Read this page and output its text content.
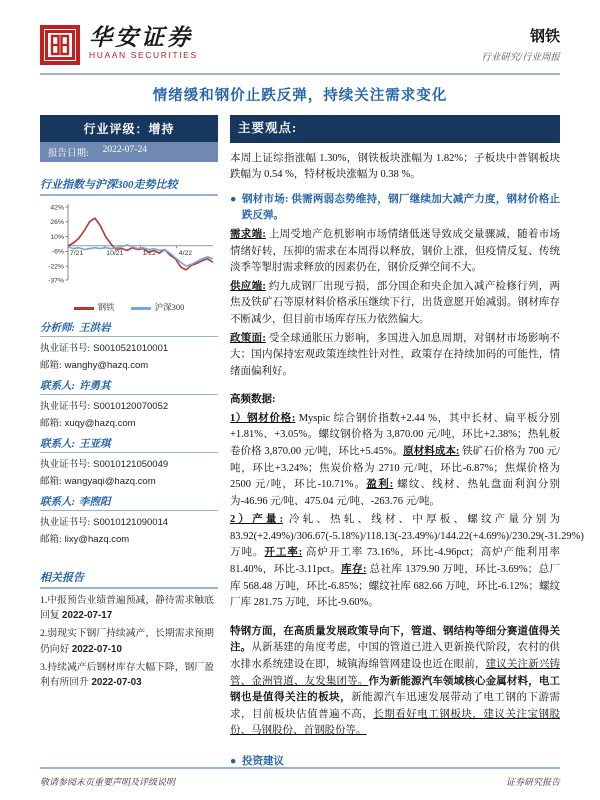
华安证券
HUAAN SECURITIES
钢铁
行业研究/行业周报
情绪缓和钢价止跌反弹，持续关注需求变化
行业评级：增持
报告日期: 2022-07-24
行业指数与沪深300走势比较
42%
26%
10%
-6%
-22%
-37%
7/21	10/21	1/22	4/22
钢铁	沪深300
分析师: 王洪岩
执业证书号: S0010521010001
邮箱: wanghy@hazq.com
联系人: 许勇其
执业证书号: S0010120070052
邮箱: xuqy@hazq.com
联系人: 王亚琪
执业证书号: S0010121050049
邮箱: wangyaqi@hazq.com
联系人: 李煦阳
执业证书号: S0010121090014
邮箱: lixy@hazq.com
相关报告

1.中报预告业绩普遍预减，静待需求触底回复 2022-07-17

2.弱现实下钢厂持续减产，长期需求预期仍向好 2022-07-10

3.持续减产后钢材库存大幅下降，钢厂盈利有所回升 2022-07-03

主要观点:

本周上证综指涨幅 1.30%，钢铁板块涨幅为 1.82%；子板块中普钢板块跌幅为 0.54 %，特材板块涨幅为 0.38 %。

● 钢材市场: 供需两弱态势维持，钢厂继续加大减产力度，钢材价格止跌反弹。

需求端: 上周受地产危机影响市场情绪低迷导致成交量骤减，随着市场情绪好转，压抑的需求在本周得以释放，钢价上涨，但疫情反复、传统淡季等掣肘需求释放的因素仍在，钢价反弹空间不大。

供应端: 约九成钢厂出现亏损，部分国企和央企加入减产检修行列，两焦及铁矿石等原材料价格承压继续下行，出货意愿开始减弱。钢材库存不断减少，但目前市场库存压力依然偏大。

政策面: 受全球通胀压力影响，多国进入加息周期，对钢材市场影响不大；国内保持宏观政策连续性针对性，政策存在持续加码的可能性，情绪面偏利好。

高频数据:

1）钢材价格: Myspic 综合钢价指数+2.44 %，其中长材、扁平板分别+1.81%、+3.05%。螺纹钢价格为 3,870.00 元/吨，环比+2.38%；热轧板卷价格 3,870.00 元/吨，环比+5.45%。原材料成本: 铁矿石价格为 700 元/吨，环比+3.24%；焦炭价格为 2710 元/吨，环比-6.87%；焦煤价格为 2500 元/吨，环比-10.71%。盈利: 螺纹、线材、热轧盘面利润分别为-46.96 元/吨、475.04 元/吨、-263.76 元/吨。

2）产量: 冷轧、热轧、线材、中厚板、螺纹产量分别为 83.92(+2.49%)/306.67(-5.18%)/118.13(-23.49%)/144.22(+4.69%)/230.29(-31.29%)万吨。开工率: 高炉开工率 73.16%，环比-4.96pct；高炉产能利用率 81.40%，环比-3.11pct。库存: 总社库 1379.90 万吨，环比-3.69%；总厂库 568.48 万吨，环比-6.85%；螺纹社库 682.66 万吨，环比-6.12%；螺纹厂库 281.75 万吨，环比-9.60%。

特钢方面，在高质量发展政策导向下，管道、钢结构等细分赛道值得关注。从新基建的角度考虑，中国的管道已进入更新换代阶段，农村的供水排水系统建设在即，城镇海绵管网建设也近在眼前，建议关注新兴铸管、金洲管道、友发集团等。作为新能源汽车领域核心金属材料，电工钢也是值得关注的板块，新能源汽车迅速发展带动了电工钢的下游需求，目前板块估值普遍不高，长期看好电工钢板块，建议关注宝钢股份、马钢股份、首钢股份等。

● 投资建议

敬请参阅末页重要声明及评级说明	证券研究报告
